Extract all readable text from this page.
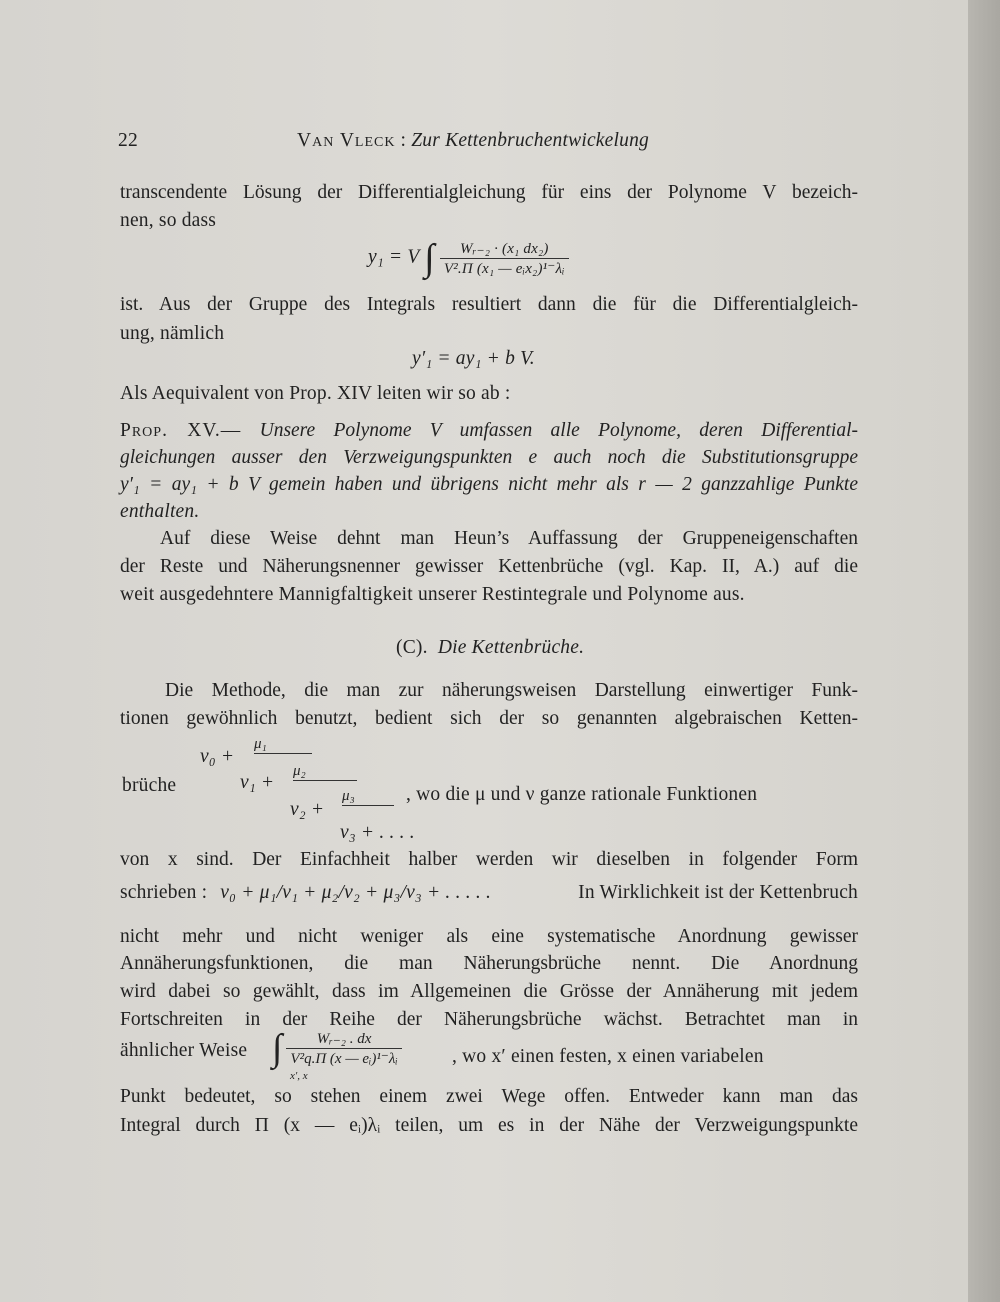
22	Van Vleck : Zur Kettenbruchentwickelung
transcendente Lösung der Differentialgleichung für eins der Polynome V bezeich-
nen, so dass
y₁ = V ∫ $\frac{\text{Wᵣ₋₂ · (x₁ dx₂)}}{\text{V².Π (x₁ — eᵢx₂)¹⁻λᵢ}}$
ist. Aus der Gruppe des Integrals resultiert dann die für die Differentialgleich-
ung, nämlich
y′₁ = ay₁ + b V.
Als Aequivalent von Prop. XIV leiten wir so ab :
Prop. XV.— Unsere Polynome V umfassen alle Polynome, deren Differential-
gleichungen ausser den Verzweigungspunkten e auch noch die Substitutionsgruppe
y′₁ = ay₁ + b V gemein haben und übrigens nicht mehr als r — 2 ganzzahlige Punkte
enthalten.
Auf diese Weise dehnt man Heun’s Auffassung der Gruppeneigenschaften
der Reste und Näherungsnenner gewisser Kettenbrüche (vgl. Kap. II, A.) auf die
weit ausgedehntere Mannigfaltigkeit unserer Restintegrale und Polynome aus.
(C). Die Kettenbrüche.
Die Methode, die man zur näherungsweisen Darstellung einwertiger Funk-
tionen gewöhnlich benutzt, bedient sich der so genannten algebraischen Ketten-
brüche
ν₀ +
μ₁
ν₁ +
μ₂
ν₂ +
μ₃
ν₃ + . . . .
, wo die μ und ν ganze rationale Funktionen
von x sind. Der Einfachheit halber werden wir dieselben in folgender Form
schrieben : ν₀ + μ₁/ν₁ + μ₂/ν₂ + μ₃/ν₃ + . . . . .	In Wirklichkeit ist der Kettenbruch
nicht mehr und nicht weniger als eine systematische Anordnung gewisser
Annäherungsfunktionen, die man Näherungsbrüche nennt. Die Anordnung
wird dabei so gewählt, dass im Allgemeinen die Grösse der Annäherung mit jedem
Fortschreiten in der Reihe der Näherungsbrüche wächst. Betrachtet man in
ähnlicher Weise ∫
x′, x
$\frac{\text{Wᵣ₋₂ . dx}}{\text{V²q.Π (x — eᵢ)¹⁻λᵢ}}$	, wo x′ einen festen, x einen variabelen
Punkt bedeutet, so stehen einem zwei Wege offen. Entweder kann man das
Integral durch Π (x — eᵢ)λᵢ teilen, um es in der Nähe der Verzweigungspunkte
